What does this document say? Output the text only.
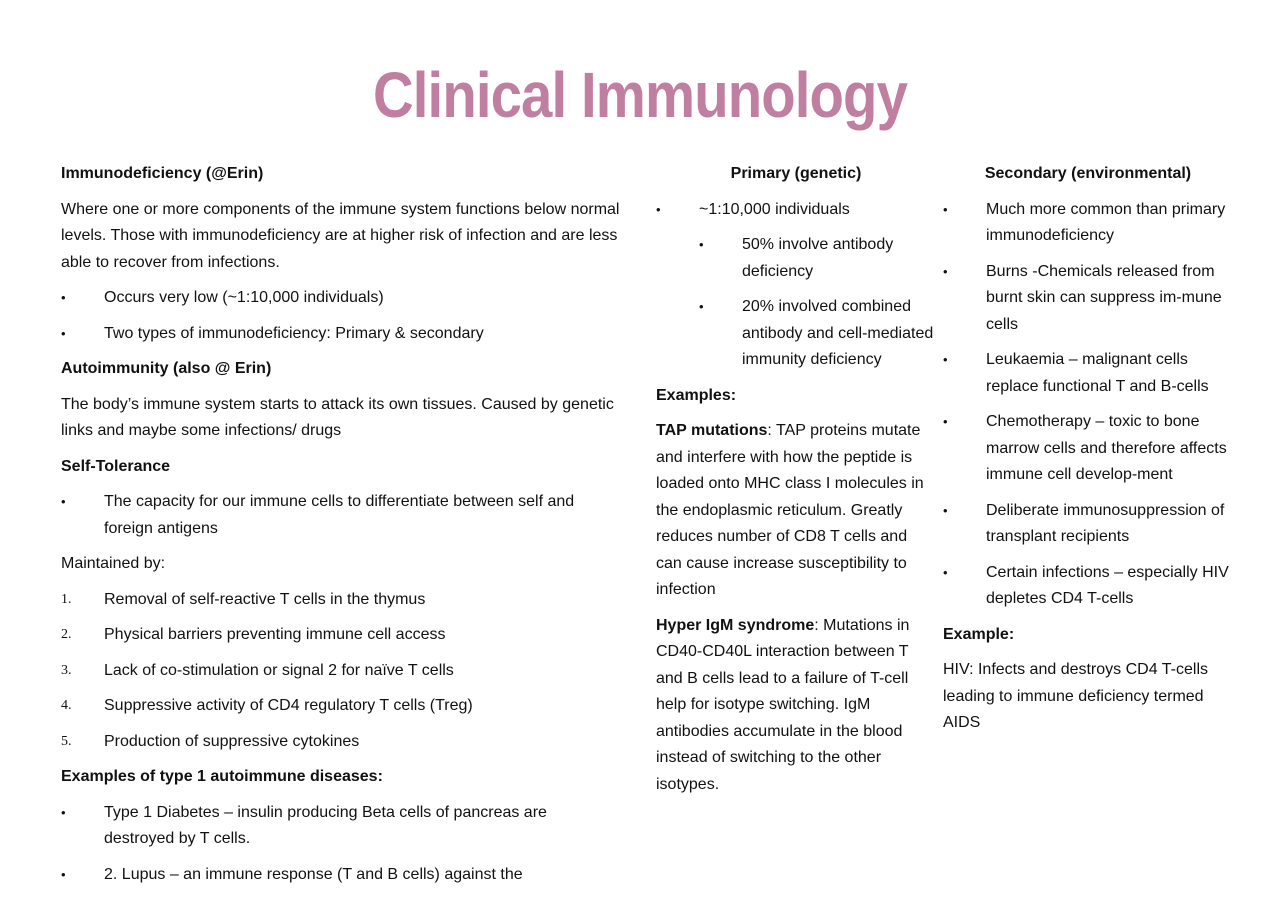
Clinical Immunology

Immunodeficiency (@Erin)

Where one or more components of the immune system functions below normal levels. Those with immunodeficiency are at higher risk of infection and are less able to recover from infections.

• Occurs very low (~1:10,000 individuals)
• Two types of immunodeficiency: Primary & secondary

Autoimmunity (also @ Erin)

The body’s immune system starts to attack its own tissues. Caused by genetic links and maybe some infections/ drugs

Self-Tolerance

• The capacity for our immune cells to differentiate between self and foreign antigens

Maintained by:

1. Removal of self-reactive T cells in the thymus
2. Physical barriers preventing immune cell access
3. Lack of co-stimulation or signal 2 for naïve T cells
4. Suppressive activity of CD4 regulatory T cells (Treg)
5. Production of suppressive cytokines

Examples of type 1 autoimmune diseases:

• Type 1 Diabetes – insulin producing Beta cells of pancreas are destroyed by T cells.
• 2. Lupus – an immune response (T and B cells) against the

Primary (genetic)

• ~1:10,000 individuals
• 50% involve antibody deficiency
• 20% involved combined antibody and cell-mediated immunity deficiency

Examples:

TAP mutations: TAP proteins mutate and interfere with how the peptide is loaded onto MHC class I molecules in the endoplasmic reticulum. Greatly reduces number of CD8 T cells and can cause increase susceptibility to infection

Hyper IgM syndrome: Mutations in CD40-CD40L interaction between T and B cells lead to a failure of T-cell help for isotype switching. IgM antibodies accumulate in the blood instead of switching to the other isotypes.

Secondary (environmental)

• Much more common than primary immunodeficiency
• Burns -Chemicals released from burnt skin can suppress im-mune cells
• Leukaemia – malignant cells replace functional T and B-cells
• Chemotherapy – toxic to bone marrow cells and therefore affects immune cell develop-ment
• Deliberate immunosuppression of transplant recipients
• Certain infections – especially HIV depletes CD4 T-cells

Example:

HIV: Infects and destroys CD4 T-cells leading to immune deficiency termed AIDS
